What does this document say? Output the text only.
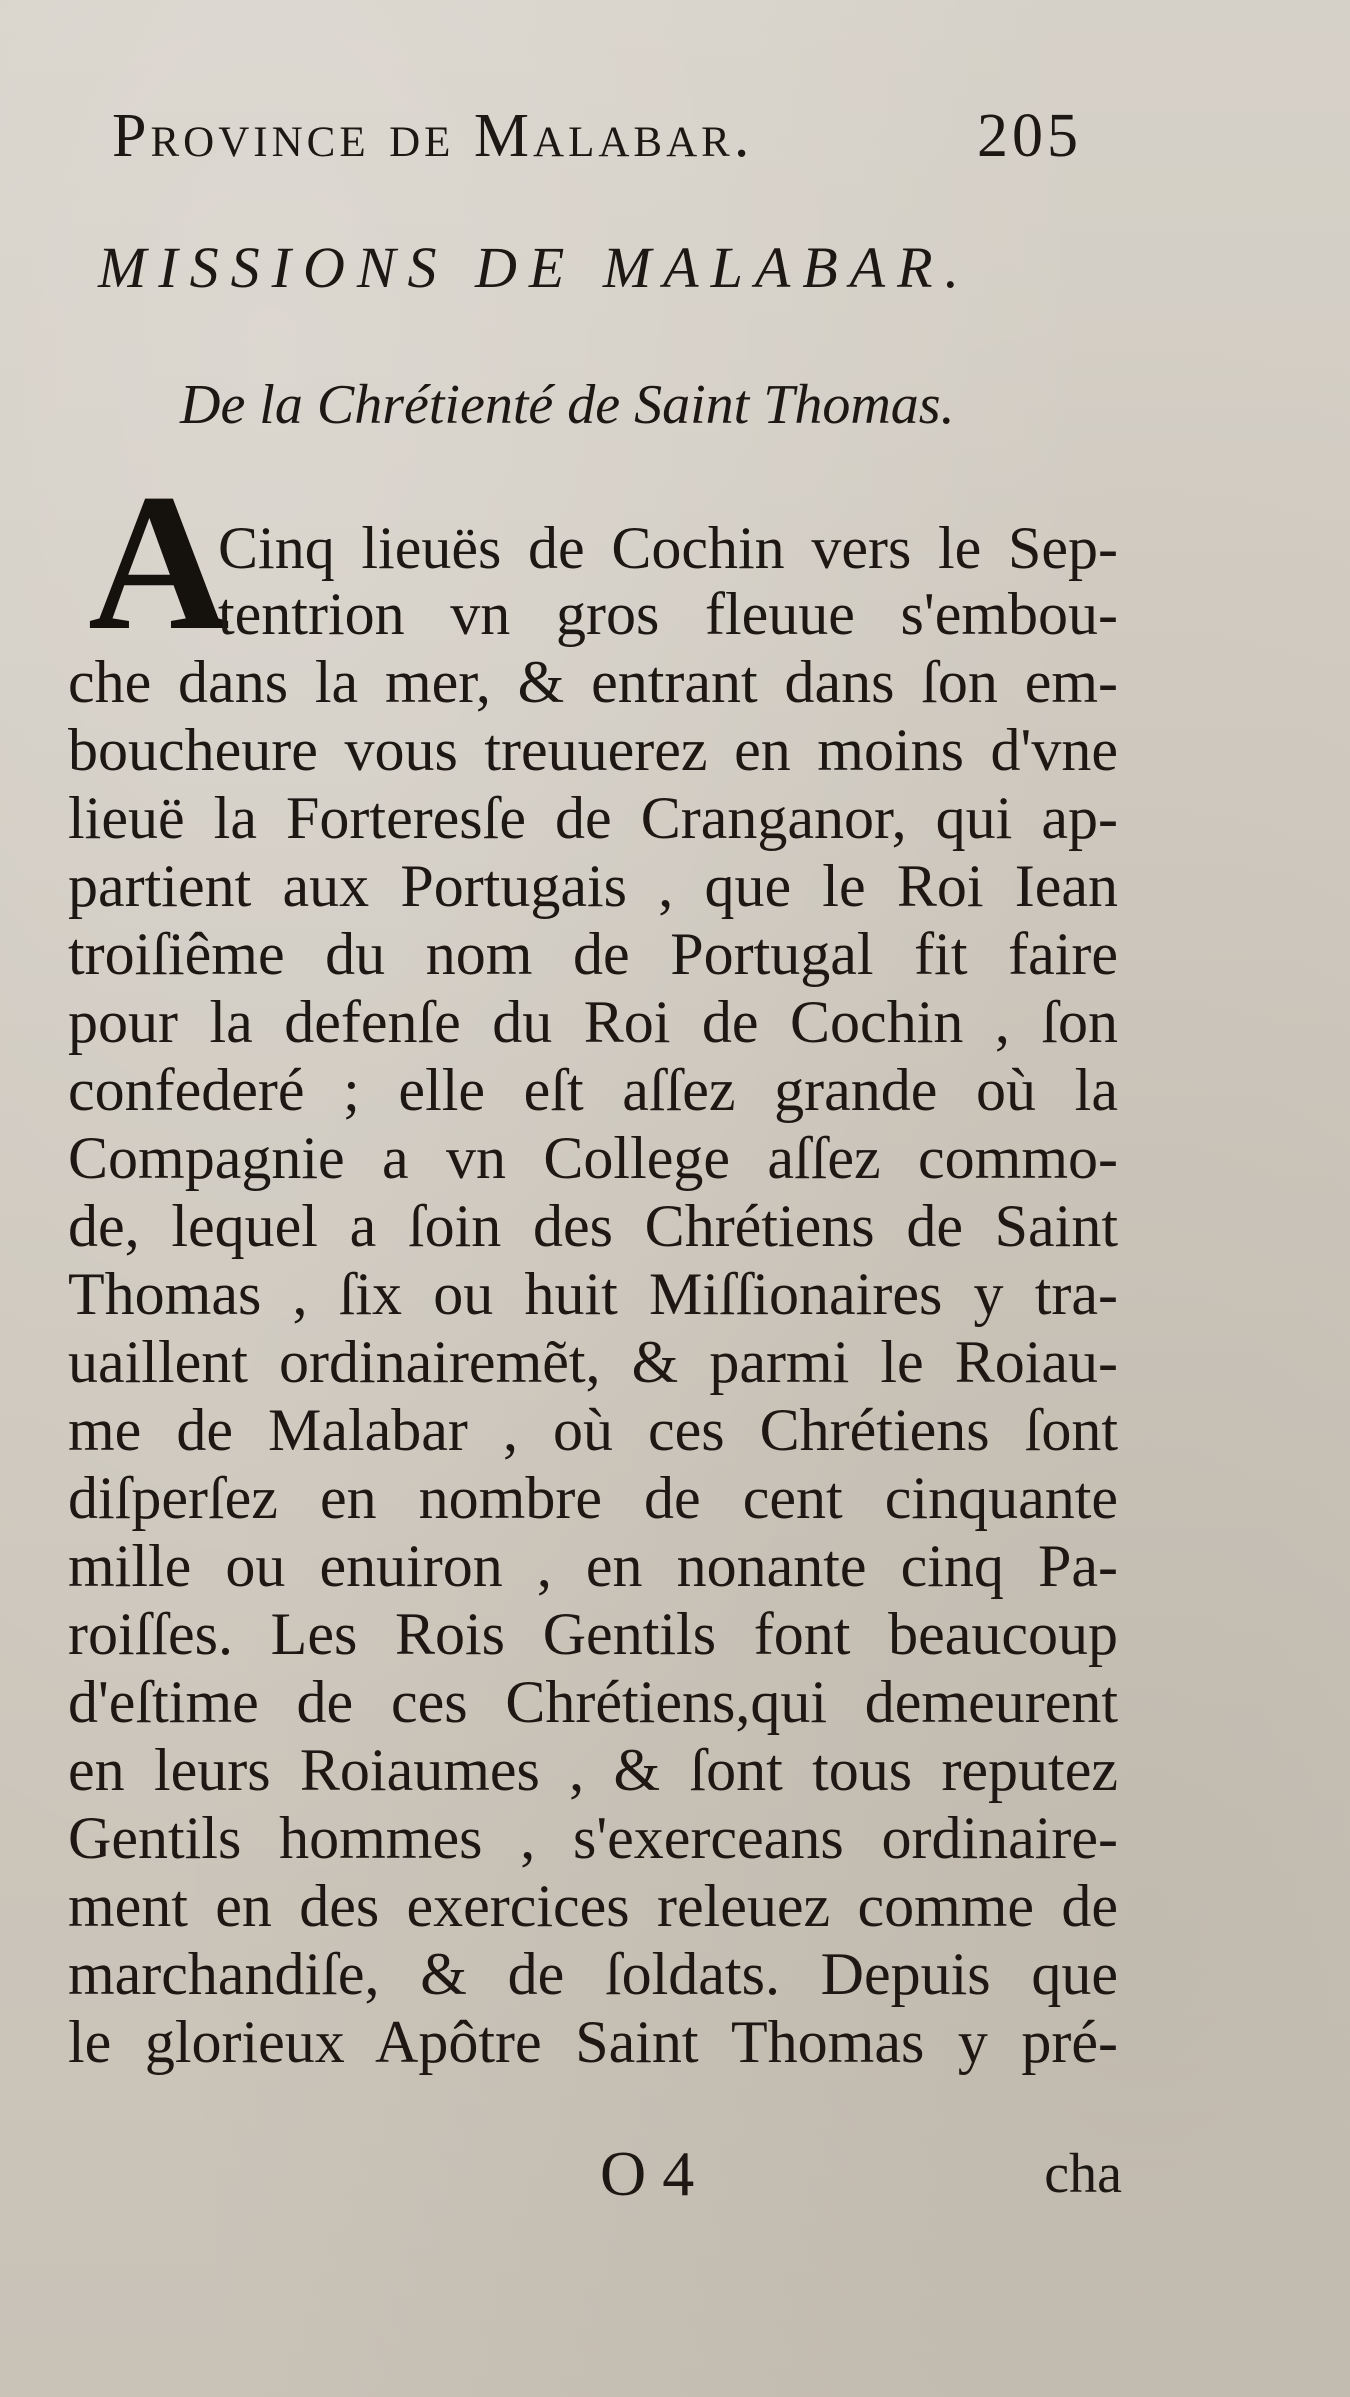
Province de Malabar.	205
MISSIONS DE MALABAR.
De la Chrétienté de Saint Thomas.
A
Cinq lieuës de Cochin vers le Sep-
tentrion vn gros fleuue s'embou-
che dans la mer, & entrant dans ſon em-
boucheure vous treuuerez en moins d'vne
lieuë la Forteresſe de Cranganor, qui ap-
partient aux Portugais , que le Roi Iean
troiſiême du nom de Portugal fit faire
pour la defenſe du Roi de Cochin , ſon
confederé ; elle eſt aſſez grande où la
Compagnie a vn College aſſez commo-
de, lequel a ſoin des Chrétiens de Saint
Thomas , ſix ou huit Miſſionaires y tra-
uaillent ordinairemẽt, & parmi le Roiau-
me de Malabar , où ces Chrétiens ſont
diſperſez en nombre de cent cinquante
mille ou enuiron , en nonante cinq Pa-
roiſſes. Les Rois Gentils font beaucoup
d'eſtime de ces Chrétiens,qui demeurent
en leurs Roiaumes , & ſont tous reputez
Gentils hommes , s'exerceans ordinaire-
ment en des exercices releuez comme de
marchandiſe, & de ſoldats. Depuis que
le glorieux Apôtre Saint Thomas y pré-
O 4	cha
